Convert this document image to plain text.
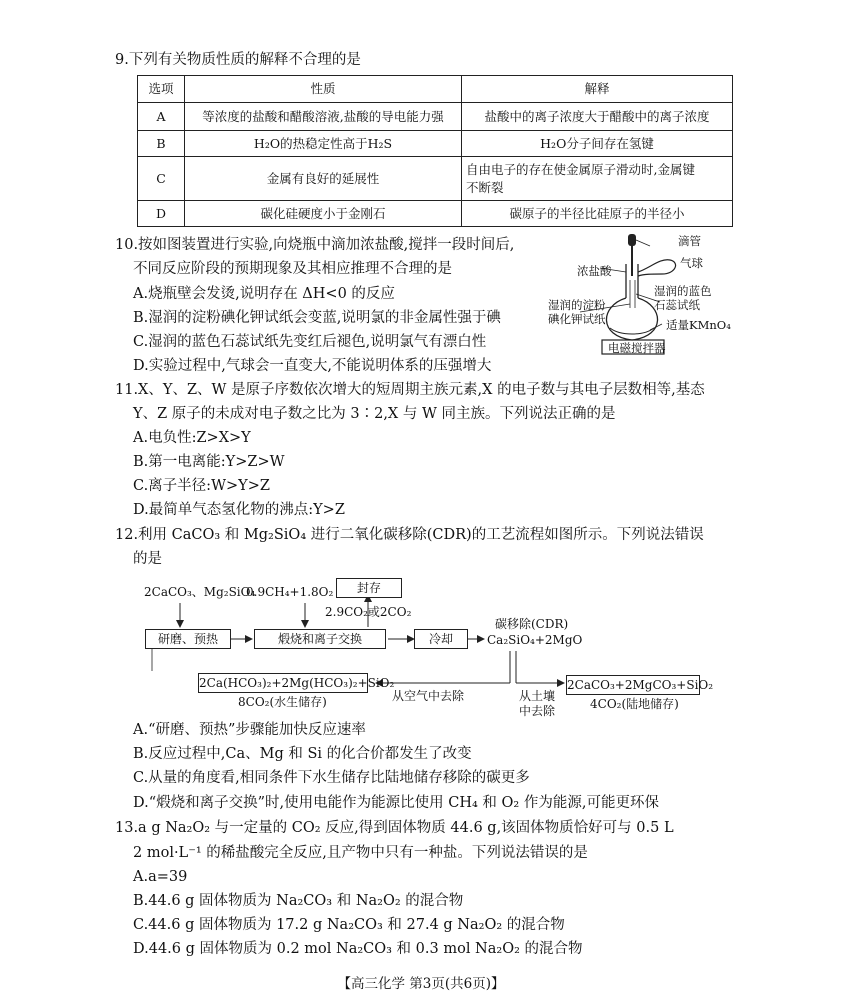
9.下列有关物质性质的解释不合理的是
选项	性质	解释
A	等浓度的盐酸和醋酸溶液,盐酸的导电能力强	盐酸中的离子浓度大于醋酸中的离子浓度
B	H₂O的热稳定性高于H₂S	H₂O分子间存在氢键
C	金属有良好的延展性	自由电子的存在使金属原子滑动时,金属键
不断裂

D	碳化硅硬度小于金刚石	碳原子的半径比硅原子的半径小
10.按如图装置进行实验,向烧瓶中滴加浓盐酸,搅拌一段时间后,
不同反应阶段的预期现象及其相应推理不合理的是
A.烧瓶壁会发烫,说明存在 ΔH<0 的反应
B.湿润的淀粉碘化钾试纸会变蓝,说明氯的非金属性强于碘
C.湿润的蓝色石蕊试纸先变红后褪色,说明氯气有漂白性
D.实验过程中,气球会一直变大,不能说明体系的压强增大
滴管
气球
浓盐酸
湿润的蓝色
石蕊试纸
湿润的淀粉
碘化钾试纸	适量KMnO₄
电磁搅拌器
11.X、Y、Z、W 是原子序数依次增大的短周期主族元素,X 的电子数与其电子层数相等,基态
Y、Z 原子的未成对电子数之比为 3∶2,X 与 W 同主族。下列说法正确的是
A.电负性:Z>X>Y
B.第一电离能:Y>Z>W
C.离子半径:W>Y>Z
D.最简单气态氢化物的沸点:Y>Z
12.利用 CaCO₃ 和 Mg₂SiO₄ 进行二氧化碳移除(CDR)的工艺流程如图所示。下列说法错误
的是
2CaCO₃、Mg₂SiO₄
0.9CH₄+1.8O₂	封存
2.9CO₂或2CO₂
研磨、预热	煅烧和离子交换	冷却
碳移除(CDR)
Ca₂SiO₄+2MgO
2Ca(HCO₃)₂+2Mg(HCO₃)₂+SiO₂
8CO₂(水生储存)	从空气中去除	从土壤
中去除
2CaCO₃+2MgCO₃+SiO₂
4CO₂(陆地储存)
A.“研磨、预热”步骤能加快反应速率
B.反应过程中,Ca、Mg 和 Si 的化合价都发生了改变
C.从量的角度看,相同条件下水生储存比陆地储存移除的碳更多
D.“煅烧和离子交换”时,使用电能作为能源比使用 CH₄ 和 O₂ 作为能源,可能更环保
13.a g Na₂O₂ 与一定量的 CO₂ 反应,得到固体物质 44.6 g,该固体物质恰好可与 0.5 L
2 mol·L⁻¹ 的稀盐酸完全反应,且产物中只有一种盐。下列说法错误的是
A.a=39
B.44.6 g 固体物质为 Na₂CO₃ 和 Na₂O₂ 的混合物
C.44.6 g 固体物质为 17.2 g Na₂CO₃ 和 27.4 g Na₂O₂ 的混合物
D.44.6 g 固体物质为 0.2 mol Na₂CO₃ 和 0.3 mol Na₂O₂ 的混合物
【高三化学 第3页(共6页)】
